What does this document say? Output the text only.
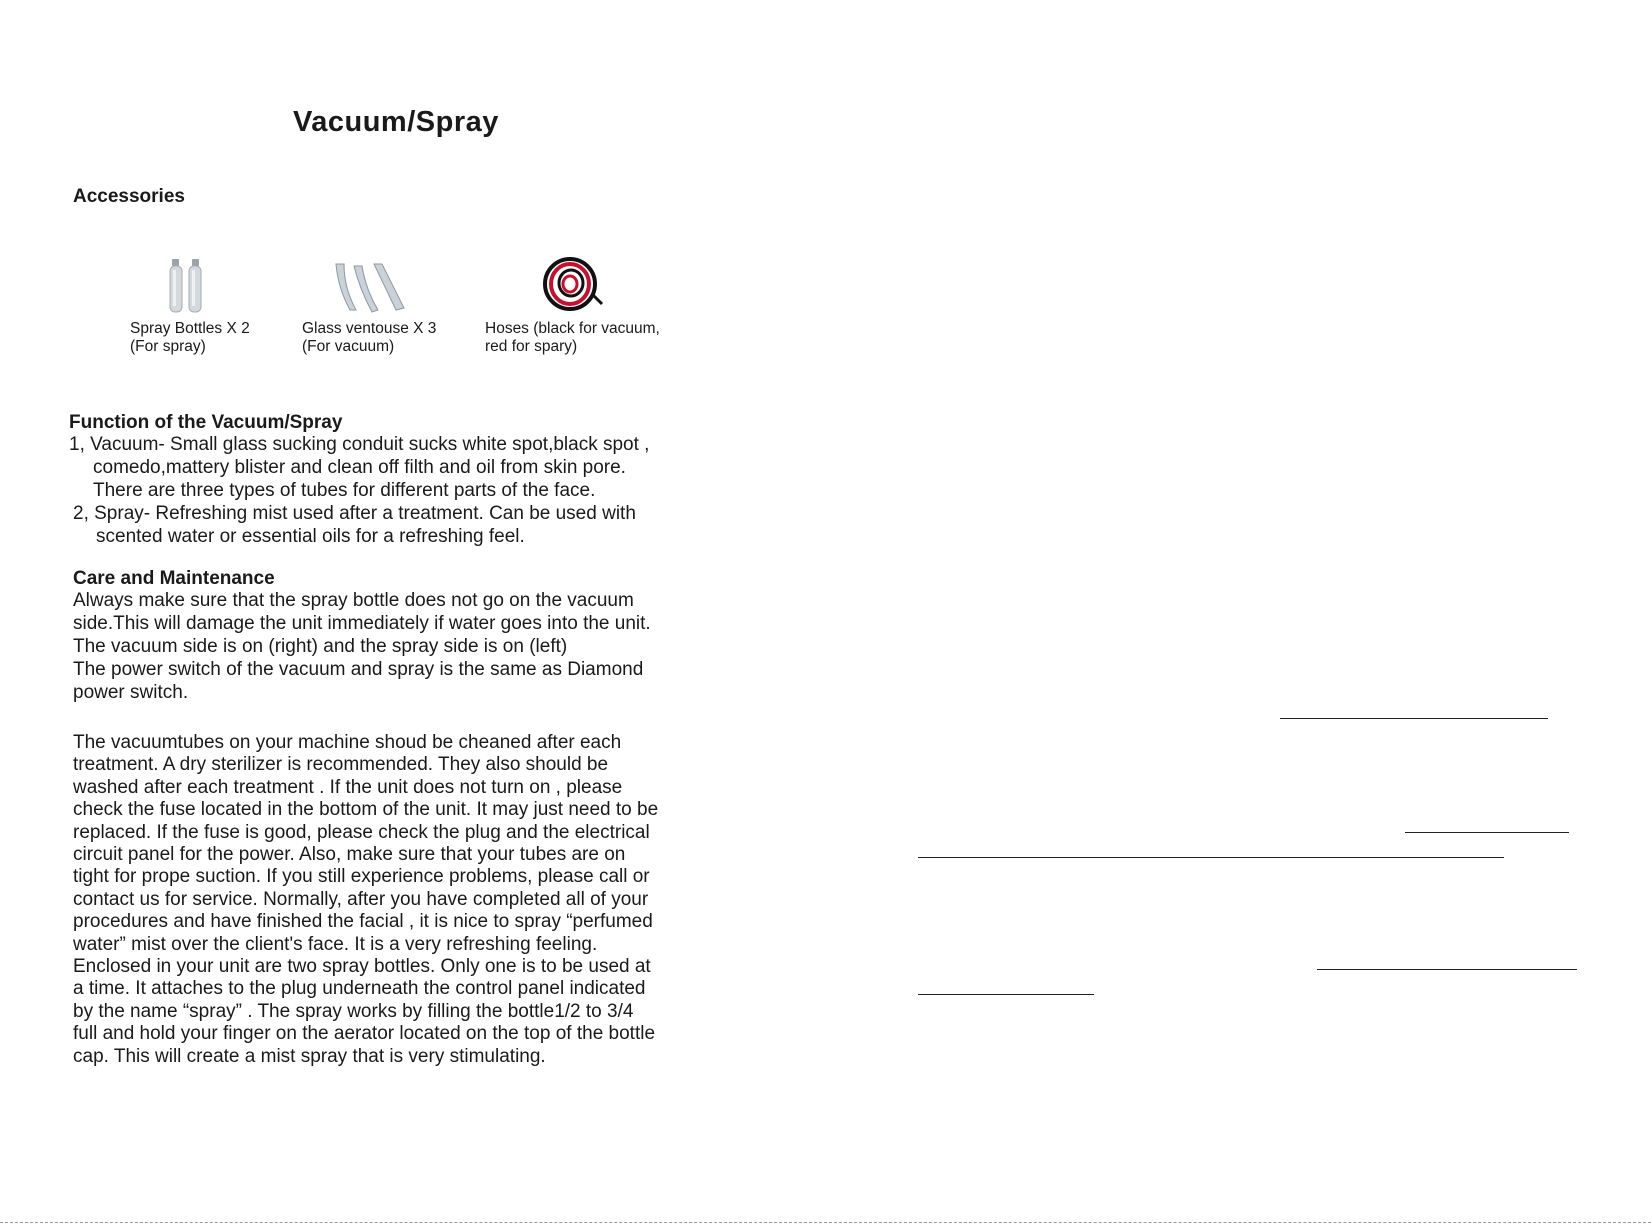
Vacuum/Spray
Accessories
Spray Bottles X 2
(For spray)
Glass ventouse X 3
(For vacuum)
Hoses (black for vacuum,
red for spary)
Function of the Vacuum/Spray
1, Vacuum- Small glass sucking conduit sucks white spot,black spot ,
comedo,mattery blister and clean off filth and oil from skin pore.
There are three types of tubes for different parts of the face.
2, Spray- Refreshing mist used after a treatment. Can be used with
scented water or essential oils for a refreshing feel.
Care and Maintenance
Always make sure that the spray bottle does not go on the vacuum
side.This will damage the unit immediately if water goes into the unit.
The vacuum side is on (right) and the spray side is on (left)
The power switch of the vacuum and spray is the same as Diamond
power switch.
The vacuumtubes on your machine shoud be cheaned after each
treatment. A dry sterilizer is recommended. They also should be
washed after each treatment . If the unit does not turn on , please
check the fuse located in the bottom of the unit. It may just need to be
replaced. If the fuse is good, please check the plug and the electrical
circuit panel for the power. Also, make sure that your tubes are on
tight for prope suction. If you still experience problems, please call or
contact us for service. Normally, after you have completed all of your
procedures and have finished the facial , it is nice to spray “perfumed
water” mist over the client's face. It is a very refreshing feeling.
Enclosed in your unit are two spray bottles. Only one is to be used at
a time. It attaches to the plug underneath the control panel indicated
by the name “spray” . The spray works by filling the bottle1/2 to 3/4
full and hold your finger on the aerator located on the top of the bottle
cap. This will create a mist spray that is very stimulating.
